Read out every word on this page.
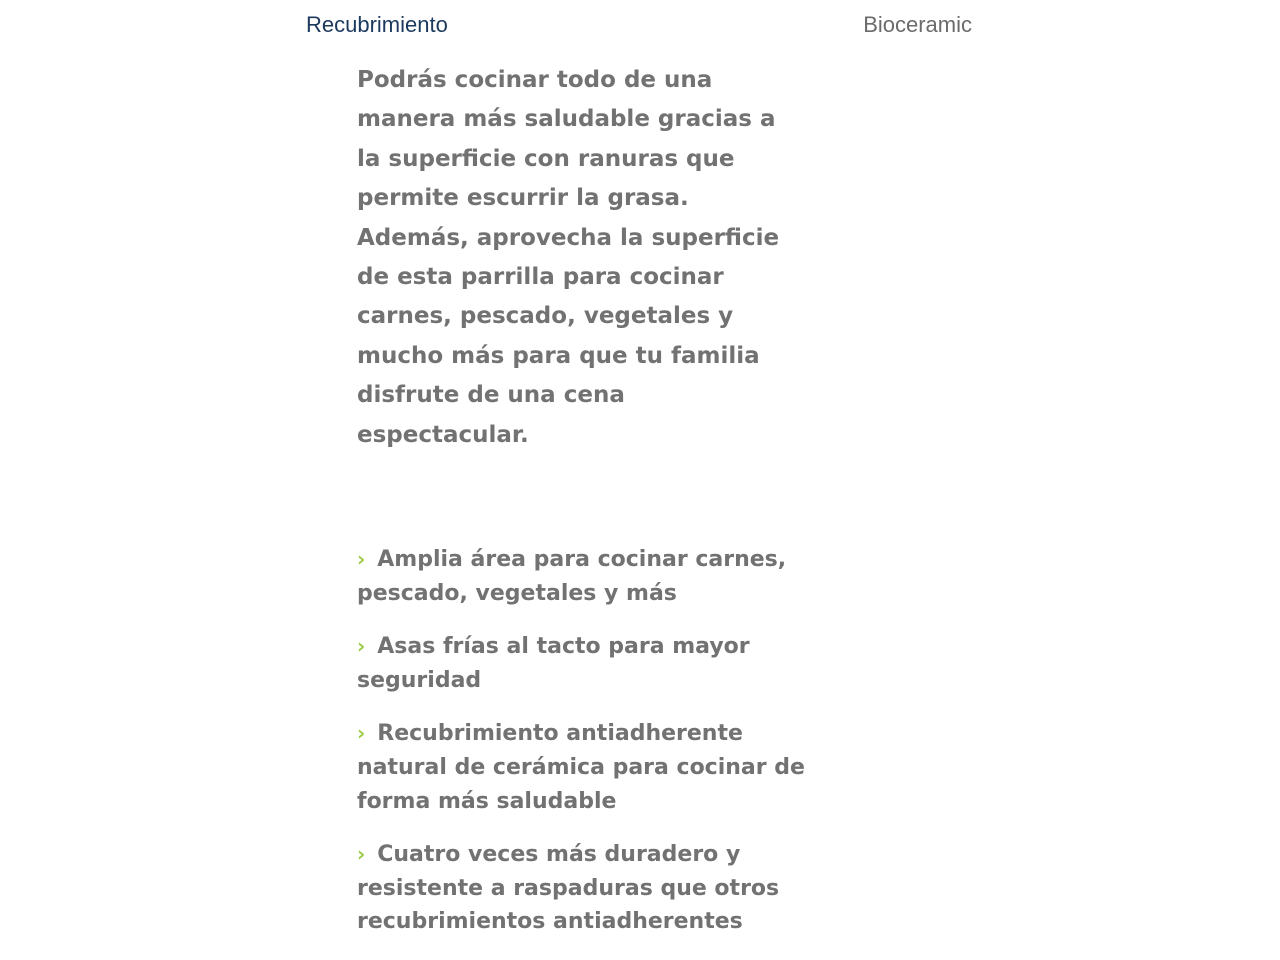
Recubrimiento	Bioceramic

Podrás cocinar todo de una manera más saludable gracias a la superficie con ranuras que permite escurrir la grasa. Además, aprovecha la superficie de esta parrilla para cocinar carnes, pescado, vegetales y mucho más para que tu familia disfrute de una cena espectacular.

› Amplia área para cocinar carnes, pescado, vegetales y más
› Asas frías al tacto para mayor seguridad
› Recubrimiento antiadherente natural de cerámica para cocinar de forma más saludable
› Cuatro veces más duradero y resistente a raspaduras que otros recubrimientos antiadherentes
